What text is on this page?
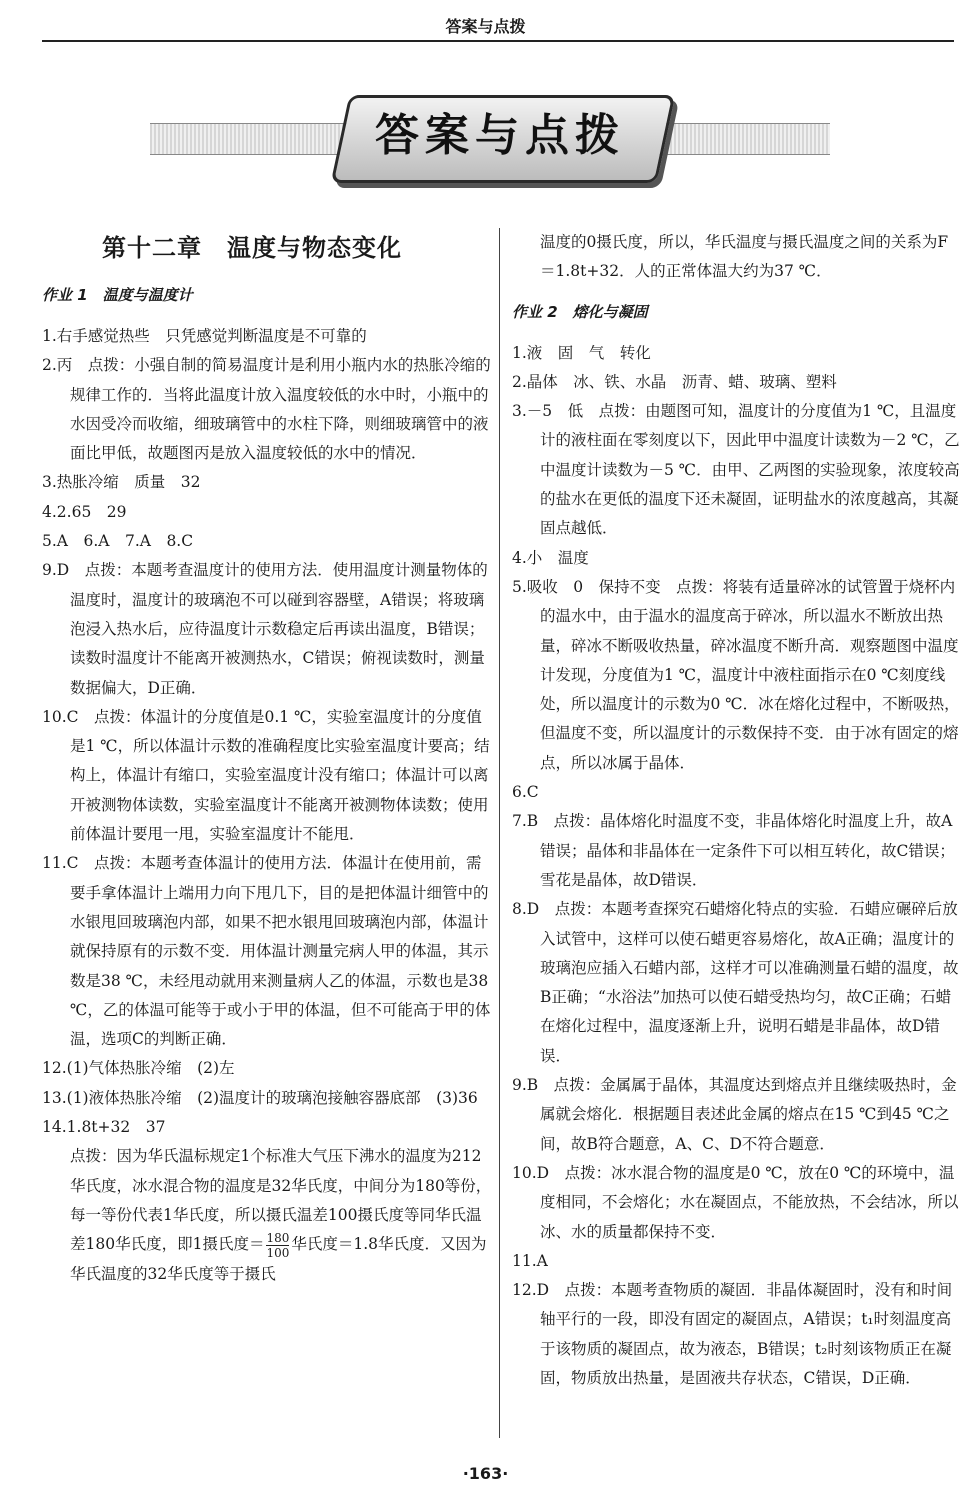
答案与点拨
答案与点拨
第十二章　温度与物态变化
作业 1　温度与温度计
1.右手感觉热些　只凭感觉判断温度是不可靠的
2.丙　点拨：小强自制的简易温度计是利用小瓶内水的热胀冷缩的规律工作的．当将此温度计放入温度较低的水中时，小瓶中的水因受冷而收缩，细玻璃管中的水柱下降，则细玻璃管中的液面比甲低，故题图丙是放入温度较低的水中的情况．
3.热胀冷缩　质量　32
4.2.65　29
5.A　6.A　7.A　8.C
9.D　点拨：本题考查温度计的使用方法．使用温度计测量物体的温度时，温度计的玻璃泡不可以碰到容器壁，A错误；将玻璃泡浸入热水后，应待温度计示数稳定后再读出温度，B错误；读数时温度计不能离开被测热水，C错误；俯视读数时，测量数据偏大，D正确．
10.C　点拨：体温计的分度值是0.1 ℃，实验室温度计的分度值是1 ℃，所以体温计示数的准确程度比实验室温度计要高；结构上，体温计有缩口，实验室温度计没有缩口；体温计可以离开被测物体读数，实验室温度计不能离开被测物体读数；使用前体温计要甩一甩，实验室温度计不能甩．
11.C　点拨：本题考查体温计的使用方法．体温计在使用前，需要手拿体温计上端用力向下甩几下，目的是把体温计细管中的水银甩回玻璃泡内部，如果不把水银甩回玻璃泡内部，体温计就保持原有的示数不变．用体温计测量完病人甲的体温，其示数是38 ℃，未经甩动就用来测量病人乙的体温，示数也是38 ℃，乙的体温可能等于或小于甲的体温，但不可能高于甲的体温，选项C的判断正确．
12.(1)气体热胀冷缩　(2)左
13.(1)液体热胀冷缩　(2)温度计的玻璃泡接触容器底部　(3)36
14.1.8t+32　37
点拨：因为华氏温标规定1个标准大气压下沸水的温度为212华氏度，冰水混合物的温度是32华氏度，中间分为180等份，每一等份代表1华氏度，所以摄氏温差100摄氏度等同华氏温差180华氏度，即1摄氏度＝ $\frac{180}{100}$ 华氏度＝1.8华氏度．又因为华氏温度的32华氏度等于摄氏
温度的0摄氏度，所以，华氏温度与摄氏温度之间的关系为F＝1.8t+32．人的正常体温大约为37 ℃．
作业 2　熔化与凝固
1.液　固　气　转化
2.晶体　冰、铁、水晶　沥青、蜡、玻璃、塑料
3.－5　低　点拨：由题图可知，温度计的分度值为1 ℃，且温度计的液柱面在零刻度以下，因此甲中温度计读数为－2 ℃，乙中温度计读数为－5 ℃．由甲、乙两图的实验现象，浓度较高的盐水在更低的温度下还未凝固，证明盐水的浓度越高，其凝固点越低．
4.小　温度
5.吸收　0　保持不变　点拨：将装有适量碎冰的试管置于烧杯内的温水中，由于温水的温度高于碎冰，所以温水不断放出热量，碎冰不断吸收热量，碎冰温度不断升高．观察题图中温度计发现，分度值为1 ℃，温度计中液柱面指示在0 ℃刻度线处，所以温度计的示数为0 ℃．冰在熔化过程中，不断吸热，但温度不变，所以温度计的示数保持不变．由于冰有固定的熔点，所以冰属于晶体．
6.C
7.B　点拨：晶体熔化时温度不变，非晶体熔化时温度上升，故A错误；晶体和非晶体在一定条件下可以相互转化，故C错误；雪花是晶体，故D错误．
8.D　点拨：本题考查探究石蜡熔化特点的实验．石蜡应碾碎后放入试管中，这样可以使石蜡更容易熔化，故A正确；温度计的玻璃泡应插入石蜡内部，这样才可以准确测量石蜡的温度，故B正确；“水浴法”加热可以使石蜡受热均匀，故C正确；石蜡在熔化过程中，温度逐渐上升，说明石蜡是非晶体，故D错误．
9.B　点拨：金属属于晶体，其温度达到熔点并且继续吸热时，金属就会熔化．根据题目表述此金属的熔点在15 ℃到45 ℃之间，故B符合题意，A、C、D不符合题意．
10.D　点拨：冰水混合物的温度是0 ℃，放在0 ℃的环境中，温度相同，不会熔化；水在凝固点，不能放热，不会结冰，所以冰、水的质量都保持不变．
11.A
12.D　点拨：本题考查物质的凝固．非晶体凝固时，没有和时间轴平行的一段，即没有固定的凝固点，A错误；t₁时刻温度高于该物质的凝固点，故为液态，B错误；t₂时刻该物质正在凝固，物质放出热量，是固液共存状态，C错误，D正确．
·163·
